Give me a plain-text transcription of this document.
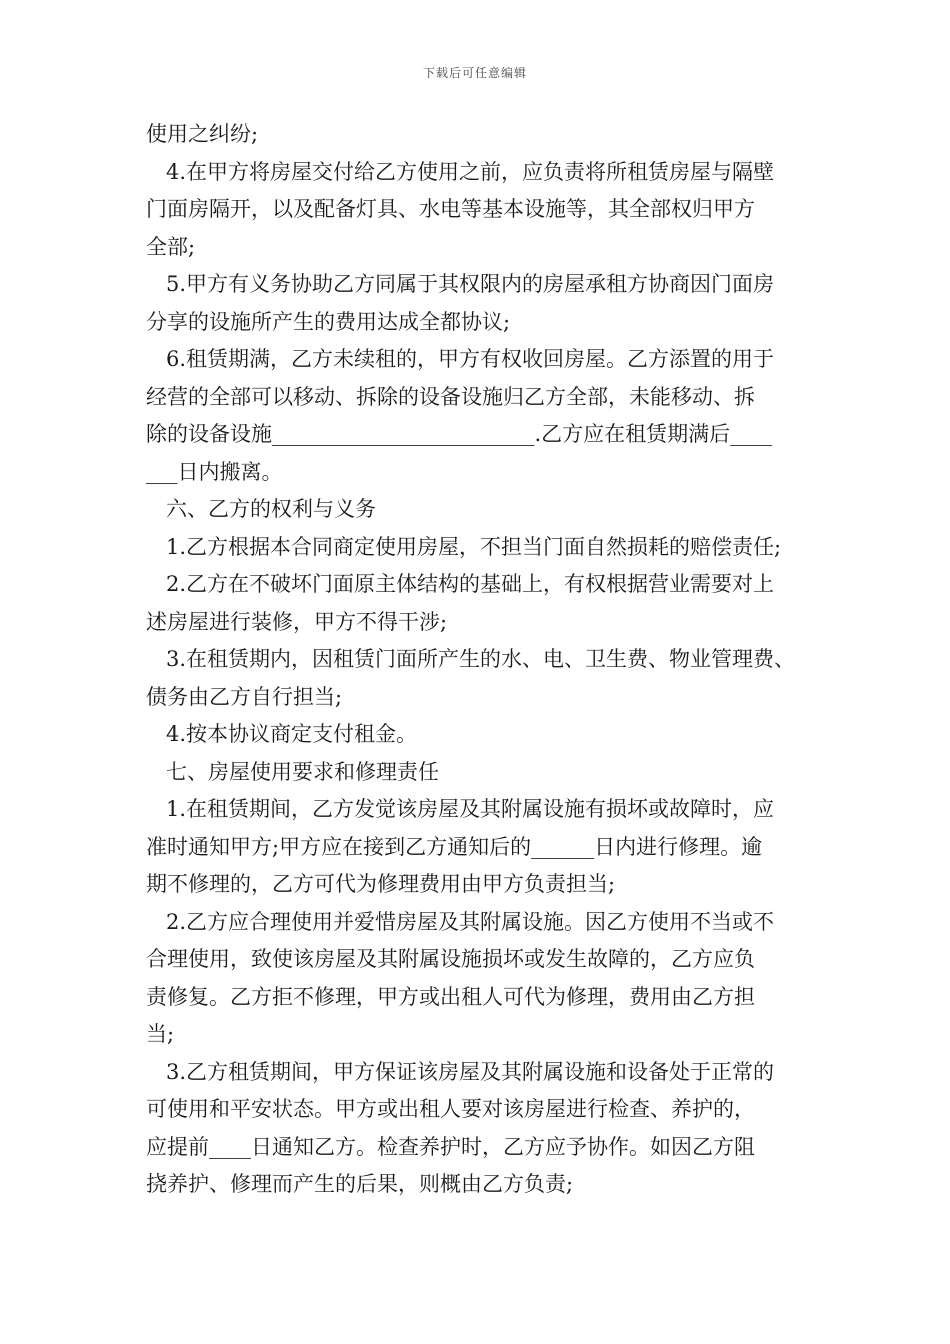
下载后可任意编辑
使用之纠纷;
4.在甲方将房屋交付给乙方使用之前，应负责将所租赁房屋与隔壁
门面房隔开，以及配备灯具、水电等基本设施等，其全部权归甲方
全部;
5.甲方有义务协助乙方同属于其权限内的房屋承租方协商因门面房
分享的设施所产生的费用达成全都协议;
6.租赁期满，乙方未续租的，甲方有权收回房屋。乙方添置的用于
经营的全部可以移动、拆除的设备设施归乙方全部，未能移动、拆
除的设备设施_________________________.乙方应在租赁期满后____
___日内搬离。
六、乙方的权利与义务
1.乙方根据本合同商定使用房屋，不担当门面自然损耗的赔偿责任;
2.乙方在不破坏门面原主体结构的基础上，有权根据营业需要对上
述房屋进行装修，甲方不得干涉;
3.在租赁期内，因租赁门面所产生的水、电、卫生费、物业管理费、
债务由乙方自行担当;
4.按本协议商定支付租金。
七、房屋使用要求和修理责任
1.在租赁期间，乙方发觉该房屋及其附属设施有损坏或故障时，应
准时通知甲方;甲方应在接到乙方通知后的______日内进行修理。逾
期不修理的，乙方可代为修理费用由甲方负责担当;
2.乙方应合理使用并爱惜房屋及其附属设施。因乙方使用不当或不
合理使用，致使该房屋及其附属设施损坏或发生故障的，乙方应负
责修复。乙方拒不修理，甲方或出租人可代为修理，费用由乙方担
当;
3.乙方租赁期间，甲方保证该房屋及其附属设施和设备处于正常的
可使用和平安状态。甲方或出租人要对该房屋进行检查、养护的，
应提前____日通知乙方。检查养护时，乙方应予协作。如因乙方阻
挠养护、修理而产生的后果，则概由乙方负责;
